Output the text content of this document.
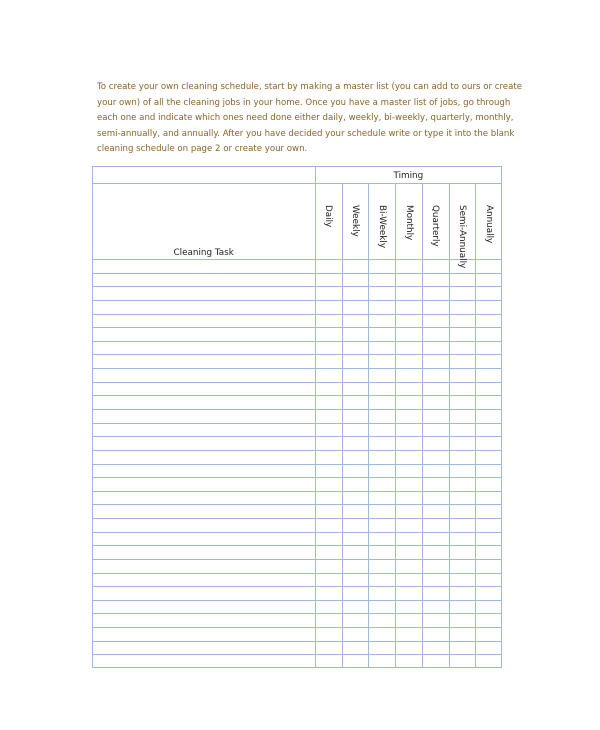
To create your own cleaning schedule, start by making a master list (you can add to ours or create
your own) of all the cleaning jobs in your home. Once you have a master list of jobs, go through
each one and indicate which ones need done either daily, weekly, bi-weekly, quarterly, monthly,
semi-annually, and annually. After you have decided your schedule write or type it into the blank
cleaning schedule on page 2 or create your own.
Timing
Cleaning Task
Daily Weekly Bi-Weekly Monthly Quarterly Semi-Annually Annually
